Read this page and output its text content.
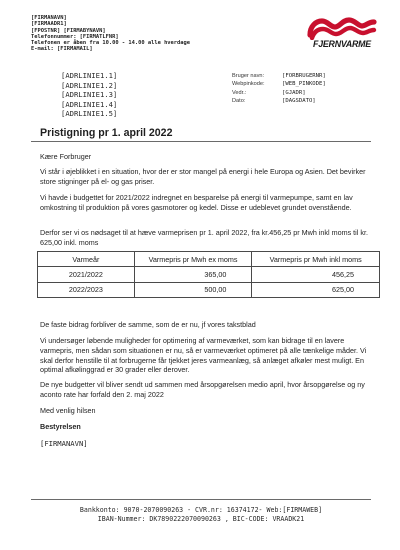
[FIRMANAVN]
[FIRMAADR1]
[FPOSTNR] [FIRMABYNAVN]
Telefonnummer: [FIRMATLFNR]
Telefonen er åben fra 10.00 - 14.00 alle hverdage
E-mail: [FIRMAMAIL]
FJERNVARME
[ADRLINIE1.1]
[ADRLINIE1.2]
[ADRLINIE1.3]
[ADRLINIE1.4]
[ADRLINIE1.5]
Bruger navn:	[FORBRUGERNR]
Webpinkode:	[WEB_PINKODE]
Vedr.:	[GJADR]
Dato:	[DAGSDATO]
Pristigning pr 1. april 2022
Kære Forbruger
Vi står i øjeblikket i en situation, hvor der er stor mangel på energi i hele Europa og Asien. Det bevirker store stigninger på el- og gas priser.
Vi havde i budgettet for 2021/2022 indregnet en besparelse på energi til varmepumpe, samt en lav omkostning til produktion på vores gasmotorer og kedel. Disse er udeblevet grundet ovenstående.
Derfor ser vi os nødsaget til at hæve varmeprisen pr 1. april 2022, fra kr.456,25 pr Mwh inkl moms til kr. 625,00 inkl. moms
Varmeår	Varmepris pr Mwh ex moms	Varmepris pr Mwh inkl moms
2021/2022	365,00	456,25
2022/2023	500,00	625,00
De faste bidrag forbliver de samme, som de er nu, jf vores takstblad
Vi undersøger løbende muligheder for optimering af varmeværket, som kan bidrage til en lavere varmepris, men sådan som situationen er nu, så er varmeværket optimeret på alle tænkelige måder. Vi skal derfor henstille til at forbrugerne får tjekket jeres varmeanlæg, så anlæget afkøler mest muligt. En optimal afkølinggrad er 30 grader eller derover.
De nye budgetter vil bliver sendt ud sammen med årsopgørelsen medio april, hvor årsopgørelse og ny aconto rate har forfald den 2. maj 2022
Med venlig hilsen
Bestyrelsen
[FIRMANAVN]
Bankkonto: 9070-2070090263 - CVR.nr: 16374172- Web:[FIRMAWEB]
IBAN-Nummer: DK7890222070090263 , BIC-CODE: VRAADK21
